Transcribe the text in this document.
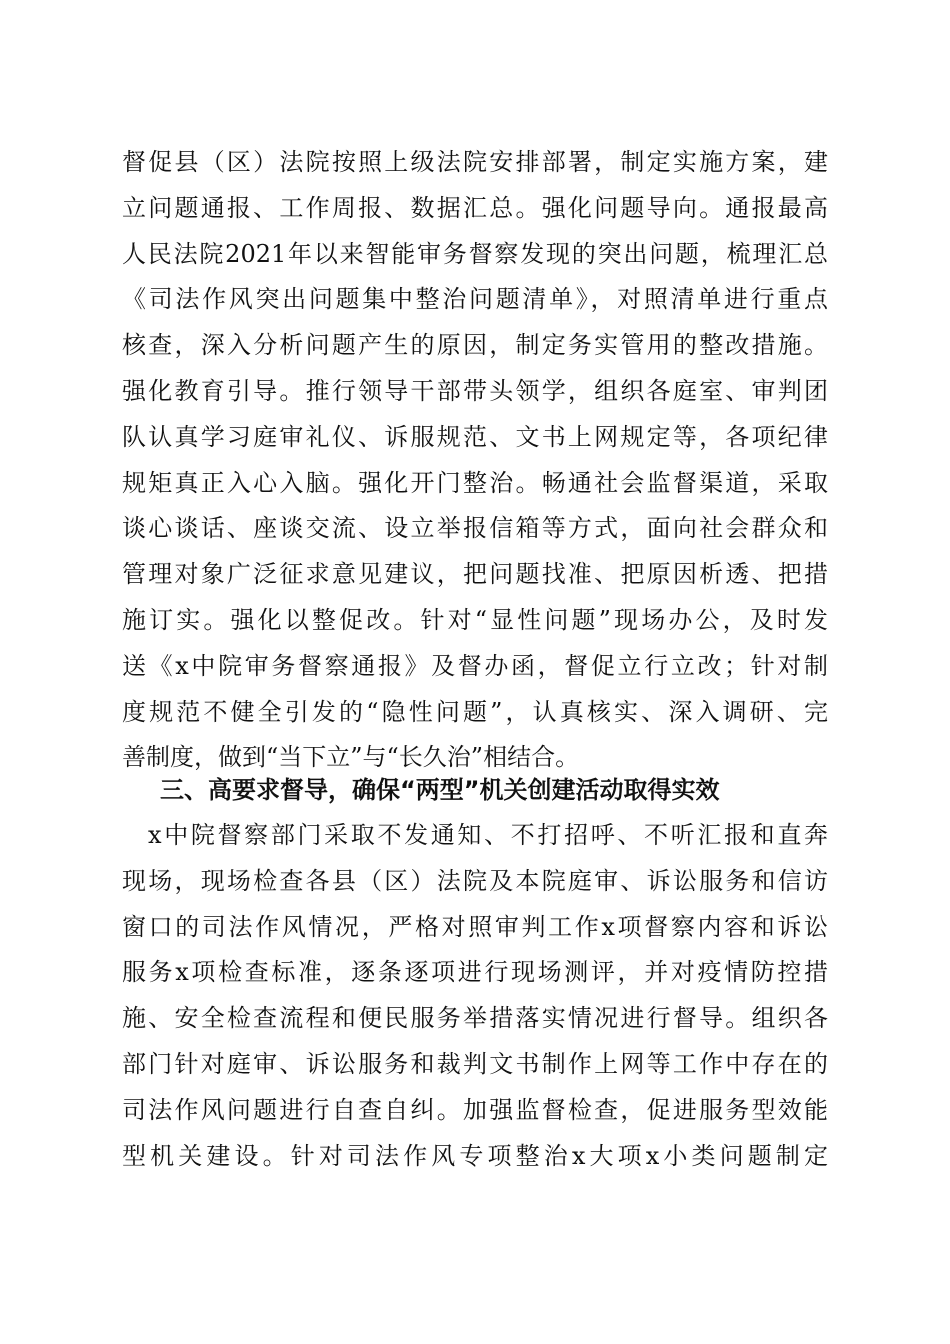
督促县（区）法院按照上级法院安排部署，制定实施方案，建
立问题通报、工作周报、数据汇总。强化问题导向。通报最高
人民法院2021年以来智能审务督察发现的突出问题，梳理汇总
《司法作风突出问题集中整治问题清单》，对照清单进行重点
核查，深入分析问题产生的原因，制定务实管用的整改措施。
强化教育引导。推行领导干部带头领学，组织各庭室、审判团
队认真学习庭审礼仪、诉服规范、文书上网规定等，各项纪律
规矩真正入心入脑。强化开门整治。畅通社会监督渠道，采取
谈心谈话、座谈交流、设立举报信箱等方式，面向社会群众和
管理对象广泛征求意见建议，把问题找准、把原因析透、把措
施订实。强化以整促改。针对“显性问题”现场办公，及时发
送《x中院审务督察通报》及督办函，督促立行立改；针对制
度规范不健全引发的“隐性问题”，认真核实、深入调研、完
善制度，做到“当下立”与“长久治”相结合。
三、高要求督导，确保“两型”机关创建活动取得实效
x中院督察部门采取不发通知、不打招呼、不听汇报和直奔
现场，现场检查各县（区）法院及本院庭审、诉讼服务和信访
窗口的司法作风情况，严格对照审判工作x项督察内容和诉讼
服务x项检查标准，逐条逐项进行现场测评，并对疫情防控措
施、安全检查流程和便民服务举措落实情况进行督导。组织各
部门针对庭审、诉讼服务和裁判文书制作上网等工作中存在的
司法作风问题进行自查自纠。加强监督检查，促进服务型效能
型机关建设。针对司法作风专项整治x大项x小类问题制定
